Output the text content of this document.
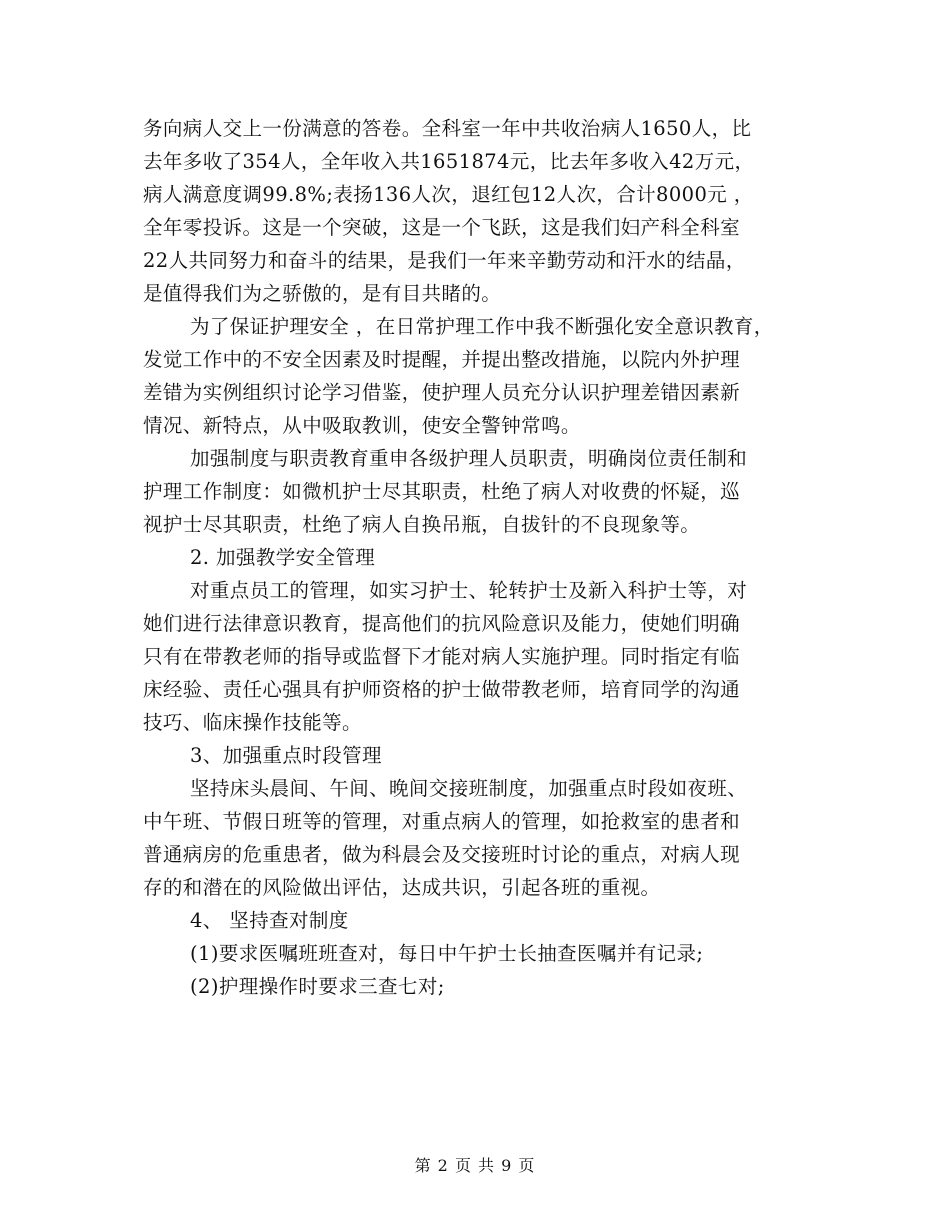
务向病人交上一份满意的答卷。全科室一年中共收治病人1650人，比
去年多收了354人，全年收入共1651874元，比去年多收入42万元，
病人满意度调99.8%;表扬136人次，退红包12人次，合计8000元 ，
全年零投诉。这是一个突破，这是一个飞跃，这是我们妇产科全科室
22人共同努力和奋斗的结果，是我们一年来辛勤劳动和汗水的结晶，
是值得我们为之骄傲的，是有目共睹的。
为了保证护理安全 ，在日常护理工作中我不断强化安全意识教育，
发觉工作中的不安全因素及时提醒，并提出整改措施，以院内外护理
差错为实例组织讨论学习借鉴，使护理人员充分认识护理差错因素新
情况、新特点，从中吸取教训，使安全警钟常鸣。
加强制度与职责教育重申各级护理人员职责，明确岗位责任制和
护理工作制度：如微机护士尽其职责，杜绝了病人对收费的怀疑，巡
视护士尽其职责，杜绝了病人自换吊瓶，自拔针的不良现象等。
2. 加强教学安全管理
对重点员工的管理，如实习护士、轮转护士及新入科护士等，对
她们进行法律意识教育，提高他们的抗风险意识及能力，使她们明确
只有在带教老师的指导或监督下才能对病人实施护理。同时指定有临
床经验、责任心强具有护师资格的护士做带教老师，培育同学的沟通
技巧、临床操作技能等。
3、加强重点时段管理
坚持床头晨间、午间、晚间交接班制度，加强重点时段如夜班、
中午班、节假日班等的管理，对重点病人的管理，如抢救室的患者和
普通病房的危重患者，做为科晨会及交接班时讨论的重点，对病人现
存的和潜在的风险做出评估，达成共识，引起各班的重视。
4、 坚持查对制度
(1)要求医嘱班班查对，每日中午护士长抽查医嘱并有记录;
(2)护理操作时要求三查七对;
第 2 页 共 9 页
